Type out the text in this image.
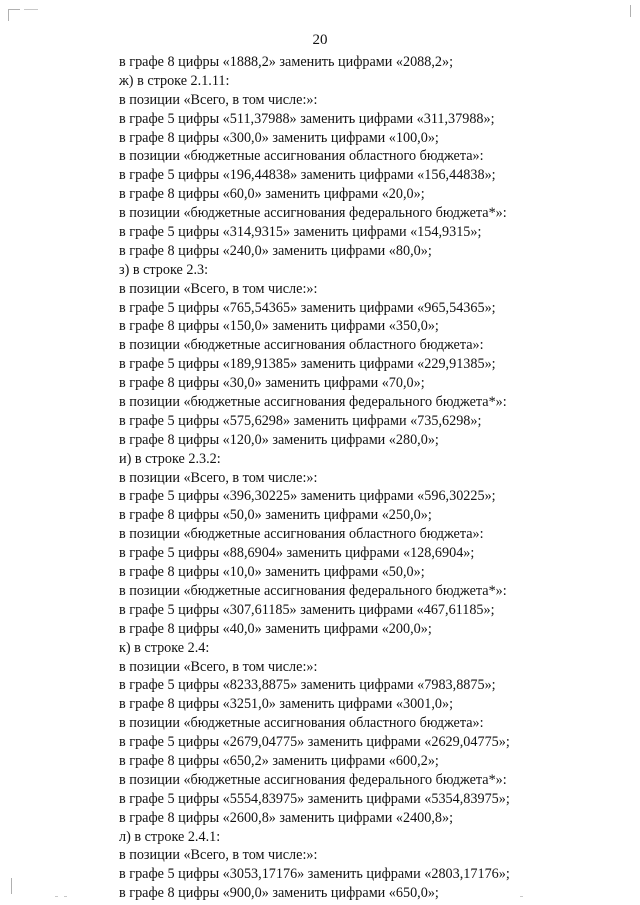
20
в графе 8 цифры «1888,2» заменить цифрами «2088,2»;
ж) в строке 2.1.11:
в позиции «Всего, в том числе:»:
в графе 5 цифры «511,37988» заменить цифрами «311,37988»;
в графе 8 цифры «300,0» заменить цифрами «100,0»;
в позиции «бюджетные ассигнования областного бюджета»:
в графе 5 цифры «196,44838» заменить цифрами «156,44838»;
в графе 8 цифры «60,0» заменить цифрами «20,0»;
в позиции «бюджетные ассигнования федерального бюджета*»:
в графе 5 цифры «314,9315» заменить цифрами «154,9315»;
в графе 8 цифры «240,0» заменить цифрами «80,0»;
з) в строке 2.3:
в позиции «Всего, в том числе:»:
в графе 5 цифры «765,54365» заменить цифрами «965,54365»;
в графе 8 цифры «150,0» заменить цифрами «350,0»;
в позиции «бюджетные ассигнования областного бюджета»:
в графе 5 цифры «189,91385» заменить цифрами «229,91385»;
в графе 8 цифры «30,0» заменить цифрами «70,0»;
в позиции «бюджетные ассигнования федерального бюджета*»:
в графе 5 цифры «575,6298» заменить цифрами «735,6298»;
в графе 8 цифры «120,0» заменить цифрами «280,0»;
и) в строке 2.3.2:
в позиции «Всего, в том числе:»:
в графе 5 цифры «396,30225» заменить цифрами «596,30225»;
в графе 8 цифры «50,0» заменить цифрами «250,0»;
в позиции «бюджетные ассигнования областного бюджета»:
в графе 5 цифры «88,6904» заменить цифрами «128,6904»;
в графе 8 цифры «10,0» заменить цифрами «50,0»;
в позиции «бюджетные ассигнования федерального бюджета*»:
в графе 5 цифры «307,61185» заменить цифрами «467,61185»;
в графе 8 цифры «40,0» заменить цифрами «200,0»;
к) в строке 2.4:
в позиции «Всего, в том числе:»:
в графе 5 цифры «8233,8875» заменить цифрами «7983,8875»;
в графе 8 цифры «3251,0» заменить цифрами «3001,0»;
в позиции «бюджетные ассигнования областного бюджета»:
в графе 5 цифры «2679,04775» заменить цифрами «2629,04775»;
в графе 8 цифры «650,2» заменить цифрами «600,2»;
в позиции «бюджетные ассигнования федерального бюджета*»:
в графе 5 цифры «5554,83975» заменить цифрами «5354,83975»;
в графе 8 цифры «2600,8» заменить цифрами «2400,8»;
л) в строке 2.4.1:
в позиции «Всего, в том числе:»:
в графе 5 цифры «3053,17176» заменить цифрами «2803,17176»;
в графе 8 цифры «900,0» заменить цифрами «650,0»;
